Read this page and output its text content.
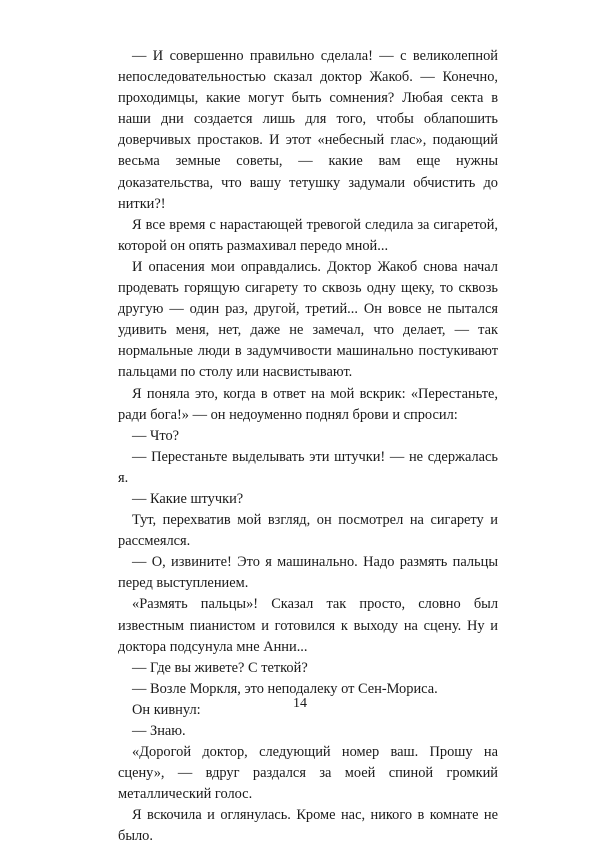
— И совершенно правильно сделала! — с великолепной непоследовательностью сказал доктор Жакоб. — Конечно, проходимцы, какие могут быть сомнения? Любая секта в наши дни создается лишь для того, чтобы облапошить доверчивых простаков. И этот «небесный глас», подающий весьма земные советы, — какие вам еще нужны доказательства, что вашу тетушку задумали обчистить до нитки?!

Я все время с нарастающей тревогой следила за сигаретой, которой он опять размахивал передо мной...

И опасения мои оправдались. Доктор Жакоб снова начал продевать горящую сигарету то сквозь одну щеку, то сквозь другую — один раз, другой, третий... Он вовсе не пытался удивить меня, нет, даже не замечал, что делает, — так нормальные люди в задумчивости машинально постукивают пальцами по столу или насвистывают.

Я поняла это, когда в ответ на мой вскрик: «Перестаньте, ради бога!» — он недоуменно поднял брови и спросил:

— Что?

— Перестаньте выделывать эти штучки! — не сдержалась я.

— Какие штучки?

Тут, перехватив мой взгляд, он посмотрел на сигарету и рассмеялся.

— О, извините! Это я машинально. Надо размять пальцы перед выступлением.

«Размять пальцы»! Сказал так просто, словно был известным пианистом и готовился к выходу на сцену. Ну и доктора подсунула мне Анни...

— Где вы живете? С теткой?

— Возле Моркля, это неподалеку от Сен-Мориса.

Он кивнул:

— Знаю.

«Дорогой доктор, следующий номер ваш. Прошу на сцену», — вдруг раздался за моей спиной громкий металлический голос.

Я вскочила и оглянулась. Кроме нас, никого в комнате не было.

14
